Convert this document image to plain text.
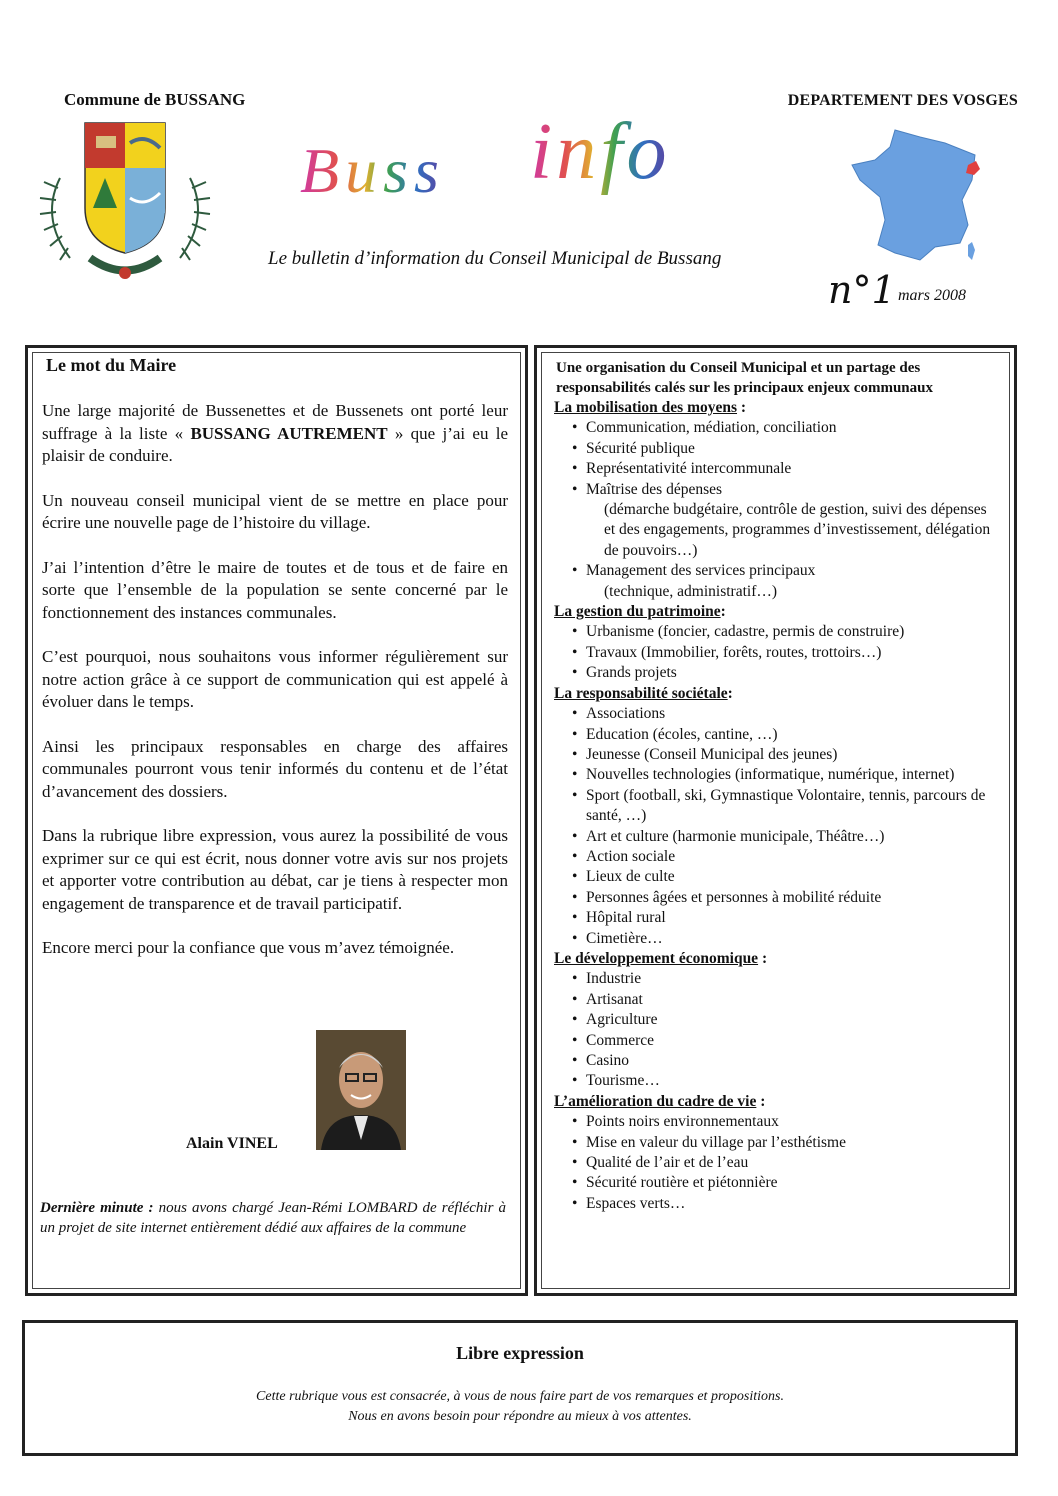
Commune de BUSSANG	DEPARTEMENT DES VOSGES
Buss info
Le bulletin d’information du Conseil Municipal de Bussang
n°1 mars 2008
Le mot du Maire

Une large majorité de Bussenettes et de Bussenets ont porté leur suffrage à la liste « BUSSANG AUTREMENT » que j’ai eu le plaisir de conduire.

Un nouveau conseil municipal vient de se mettre en place pour écrire une nouvelle page de l’histoire du village.

J’ai l’intention d’être le maire de toutes et de tous et de faire en sorte que l’ensemble de la population se sente concerné par le fonctionnement des instances communales.

C’est pourquoi, nous souhaitons vous informer régulièrement sur notre action grâce à ce support de communication qui est appelé à évoluer dans le temps.

Ainsi les principaux responsables en charge des affaires communales pourront vous tenir informés du contenu et de l’état d’avancement des dossiers.

Dans la rubrique libre expression, vous aurez la possibilité de vous exprimer sur ce qui est écrit, nous donner votre avis sur nos projets et apporter votre contribution au débat, car je tiens à respecter mon engagement de transparence et de travail participatif.

Encore merci pour la confiance que vous m’avez témoignée.

Alain VINEL
Dernière minute : nous avons chargé Jean-Rémi LOMBARD de réfléchir à un projet de site internet entièrement dédié aux affaires de la commune
Une organisation du Conseil Municipal et un partage des responsabilités calés sur les principaux enjeux communaux
La mobilisation des moyens :
• Communication, médiation, conciliation
• Sécurité publique
• Représentativité intercommunale
• Maîtrise des dépenses
(démarche budgétaire, contrôle de gestion, suivi des dépenses et des engagements, programmes d’investissement, délégation de pouvoirs…)
• Management des services principaux
(technique, administratif…)
La gestion du patrimoine:
• Urbanisme (foncier, cadastre, permis de construire)
• Travaux (Immobilier, forêts, routes, trottoirs…)
• Grands projets
La responsabilité sociétale:
• Associations
• Education (écoles, cantine, …)
• Jeunesse (Conseil Municipal des jeunes)
• Nouvelles technologies (informatique, numérique, internet)
• Sport (football, ski, Gymnastique Volontaire, tennis, parcours de santé, …)
• Art et culture (harmonie municipale, Théâtre…)
• Action sociale
• Lieux de culte
• Personnes âgées et personnes à mobilité réduite
• Hôpital rural
• Cimetière…
Le développement économique :
• Industrie
• Artisanat
• Agriculture
• Commerce
• Casino
• Tourisme…
L’amélioration du cadre de vie :
• Points noirs environnementaux
• Mise en valeur du village par l’esthétisme
• Qualité de l’air et de l’eau
• Sécurité routière et piétonnière
• Espaces verts…
Libre expression
Cette rubrique vous est consacrée, à vous de nous faire part de vos remarques et propositions.
Nous en avons besoin pour répondre au mieux à vos attentes.
